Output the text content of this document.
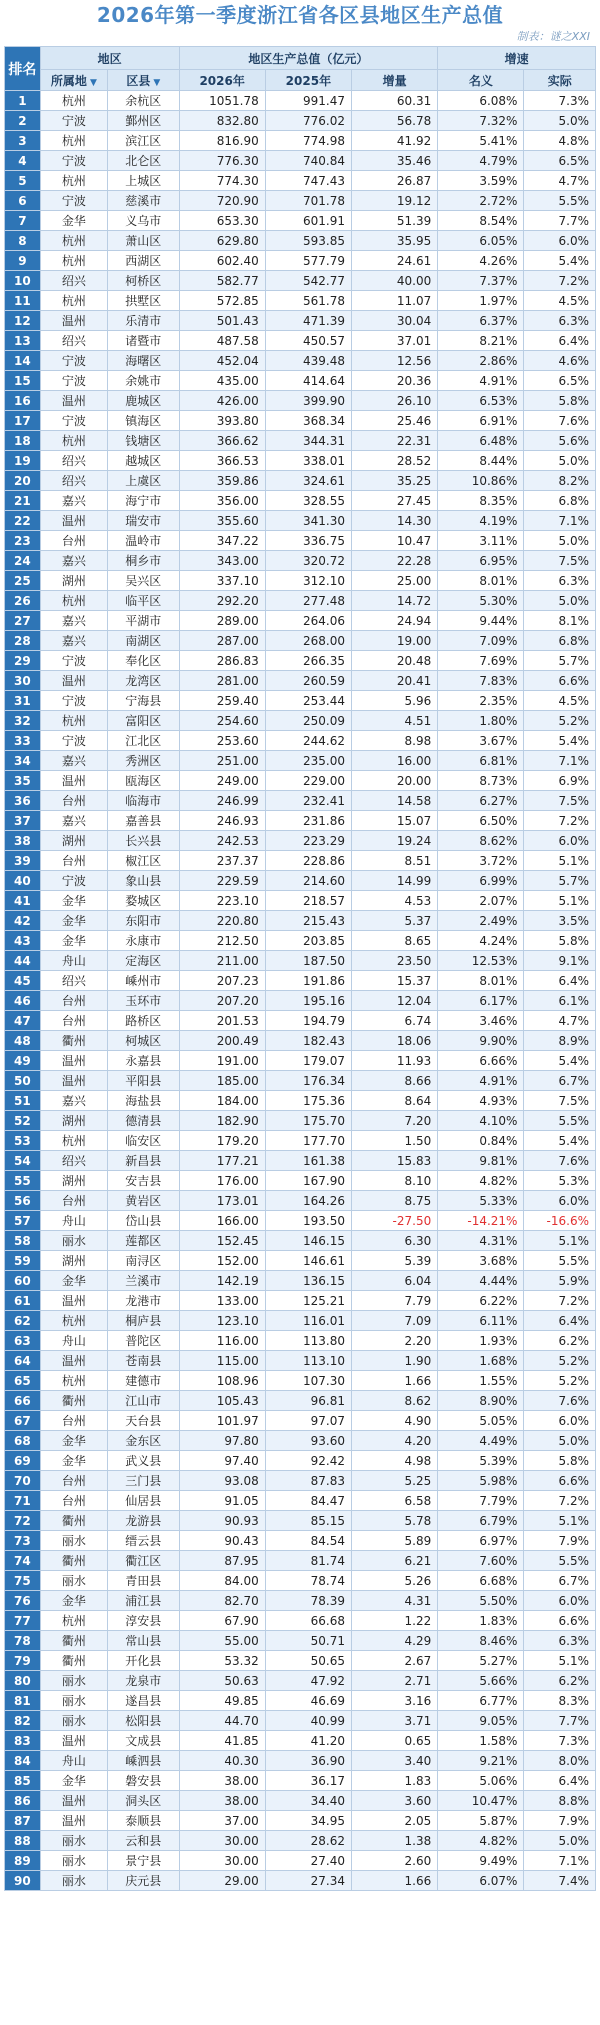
2026年第一季度浙江省各区县地区生产总值
制表：谜之XXI
排名	地区		地区生产总值（亿元）			增速	
	所属地 ▼	区县 ▼	2026年	2025年	增量	名义	实际
1	杭州	余杭区	1051.78	991.47	60.31	6.08%	7.3%
2	宁波	鄞州区	832.80	776.02	56.78	7.32%	5.0%
3	杭州	滨江区	816.90	774.98	41.92	5.41%	4.8%
4	宁波	北仑区	776.30	740.84	35.46	4.79%	6.5%
5	杭州	上城区	774.30	747.43	26.87	3.59%	4.7%
6	宁波	慈溪市	720.90	701.78	19.12	2.72%	5.5%
7	金华	义乌市	653.30	601.91	51.39	8.54%	7.7%
8	杭州	萧山区	629.80	593.85	35.95	6.05%	6.0%
9	杭州	西湖区	602.40	577.79	24.61	4.26%	5.4%
10	绍兴	柯桥区	582.77	542.77	40.00	7.37%	7.2%
11	杭州	拱墅区	572.85	561.78	11.07	1.97%	4.5%
12	温州	乐清市	501.43	471.39	30.04	6.37%	6.3%
13	绍兴	诸暨市	487.58	450.57	37.01	8.21%	6.4%
14	宁波	海曙区	452.04	439.48	12.56	2.86%	4.6%
15	宁波	余姚市	435.00	414.64	20.36	4.91%	6.5%
16	温州	鹿城区	426.00	399.90	26.10	6.53%	5.8%
17	宁波	镇海区	393.80	368.34	25.46	6.91%	7.6%
18	杭州	钱塘区	366.62	344.31	22.31	6.48%	5.6%
19	绍兴	越城区	366.53	338.01	28.52	8.44%	5.0%
20	绍兴	上虞区	359.86	324.61	35.25	10.86%	8.2%
21	嘉兴	海宁市	356.00	328.55	27.45	8.35%	6.8%
22	温州	瑞安市	355.60	341.30	14.30	4.19%	7.1%
23	台州	温岭市	347.22	336.75	10.47	3.11%	5.0%
24	嘉兴	桐乡市	343.00	320.72	22.28	6.95%	7.5%
25	湖州	吴兴区	337.10	312.10	25.00	8.01%	6.3%
26	杭州	临平区	292.20	277.48	14.72	5.30%	5.0%
27	嘉兴	平湖市	289.00	264.06	24.94	9.44%	8.1%
28	嘉兴	南湖区	287.00	268.00	19.00	7.09%	6.8%
29	宁波	奉化区	286.83	266.35	20.48	7.69%	5.7%
30	温州	龙湾区	281.00	260.59	20.41	7.83%	6.6%
31	宁波	宁海县	259.40	253.44	5.96	2.35%	4.5%
32	杭州	富阳区	254.60	250.09	4.51	1.80%	5.2%
33	宁波	江北区	253.60	244.62	8.98	3.67%	5.4%
34	嘉兴	秀洲区	251.00	235.00	16.00	6.81%	7.1%
35	温州	瓯海区	249.00	229.00	20.00	8.73%	6.9%
36	台州	临海市	246.99	232.41	14.58	6.27%	7.5%
37	嘉兴	嘉善县	246.93	231.86	15.07	6.50%	7.2%
38	湖州	长兴县	242.53	223.29	19.24	8.62%	6.0%
39	台州	椒江区	237.37	228.86	8.51	3.72%	5.1%
40	宁波	象山县	229.59	214.60	14.99	6.99%	5.7%
41	金华	婺城区	223.10	218.57	4.53	2.07%	5.1%
42	金华	东阳市	220.80	215.43	5.37	2.49%	3.5%
43	金华	永康市	212.50	203.85	8.65	4.24%	5.8%
44	舟山	定海区	211.00	187.50	23.50	12.53%	9.1%
45	绍兴	嵊州市	207.23	191.86	15.37	8.01%	6.4%
46	台州	玉环市	207.20	195.16	12.04	6.17%	6.1%
47	台州	路桥区	201.53	194.79	6.74	3.46%	4.7%
48	衢州	柯城区	200.49	182.43	18.06	9.90%	8.9%
49	温州	永嘉县	191.00	179.07	11.93	6.66%	5.4%
50	温州	平阳县	185.00	176.34	8.66	4.91%	6.7%
51	嘉兴	海盐县	184.00	175.36	8.64	4.93%	7.5%
52	湖州	德清县	182.90	175.70	7.20	4.10%	5.5%
53	杭州	临安区	179.20	177.70	1.50	0.84%	5.4%
54	绍兴	新昌县	177.21	161.38	15.83	9.81%	7.6%
55	湖州	安吉县	176.00	167.90	8.10	4.82%	5.3%
56	台州	黄岩区	173.01	164.26	8.75	5.33%	6.0%
57	舟山	岱山县	166.00	193.50	-27.50	-14.21%	-16.6%
58	丽水	莲都区	152.45	146.15	6.30	4.31%	5.1%
59	湖州	南浔区	152.00	146.61	5.39	3.68%	5.5%
60	金华	兰溪市	142.19	136.15	6.04	4.44%	5.9%
61	温州	龙港市	133.00	125.21	7.79	6.22%	7.2%
62	杭州	桐庐县	123.10	116.01	7.09	6.11%	6.4%
63	舟山	普陀区	116.00	113.80	2.20	1.93%	6.2%
64	温州	苍南县	115.00	113.10	1.90	1.68%	5.2%
65	杭州	建德市	108.96	107.30	1.66	1.55%	5.2%
66	衢州	江山市	105.43	96.81	8.62	8.90%	7.6%
67	台州	天台县	101.97	97.07	4.90	5.05%	6.0%
68	金华	金东区	97.80	93.60	4.20	4.49%	5.0%
69	金华	武义县	97.40	92.42	4.98	5.39%	5.8%
70	台州	三门县	93.08	87.83	5.25	5.98%	6.6%
71	台州	仙居县	91.05	84.47	6.58	7.79%	7.2%
72	衢州	龙游县	90.93	85.15	5.78	6.79%	5.1%
73	丽水	缙云县	90.43	84.54	5.89	6.97%	7.9%
74	衢州	衢江区	87.95	81.74	6.21	7.60%	5.5%
75	丽水	青田县	84.00	78.74	5.26	6.68%	6.7%
76	金华	浦江县	82.70	78.39	4.31	5.50%	6.0%
77	杭州	淳安县	67.90	66.68	1.22	1.83%	6.6%
78	衢州	常山县	55.00	50.71	4.29	8.46%	6.3%
79	衢州	开化县	53.32	50.65	2.67	5.27%	5.1%
80	丽水	龙泉市	50.63	47.92	2.71	5.66%	6.2%
81	丽水	遂昌县	49.85	46.69	3.16	6.77%	8.3%
82	丽水	松阳县	44.70	40.99	3.71	9.05%	7.7%
83	温州	文成县	41.85	41.20	0.65	1.58%	7.3%
84	舟山	嵊泗县	40.30	36.90	3.40	9.21%	8.0%
85	金华	磐安县	38.00	36.17	1.83	5.06%	6.4%
86	温州	洞头区	38.00	34.40	3.60	10.47%	8.8%
87	温州	泰顺县	37.00	34.95	2.05	5.87%	7.9%
88	丽水	云和县	30.00	28.62	1.38	4.82%	5.0%
89	丽水	景宁县	30.00	27.40	2.60	9.49%	7.1%
90	丽水	庆元县	29.00	27.34	1.66	6.07%	7.4%
